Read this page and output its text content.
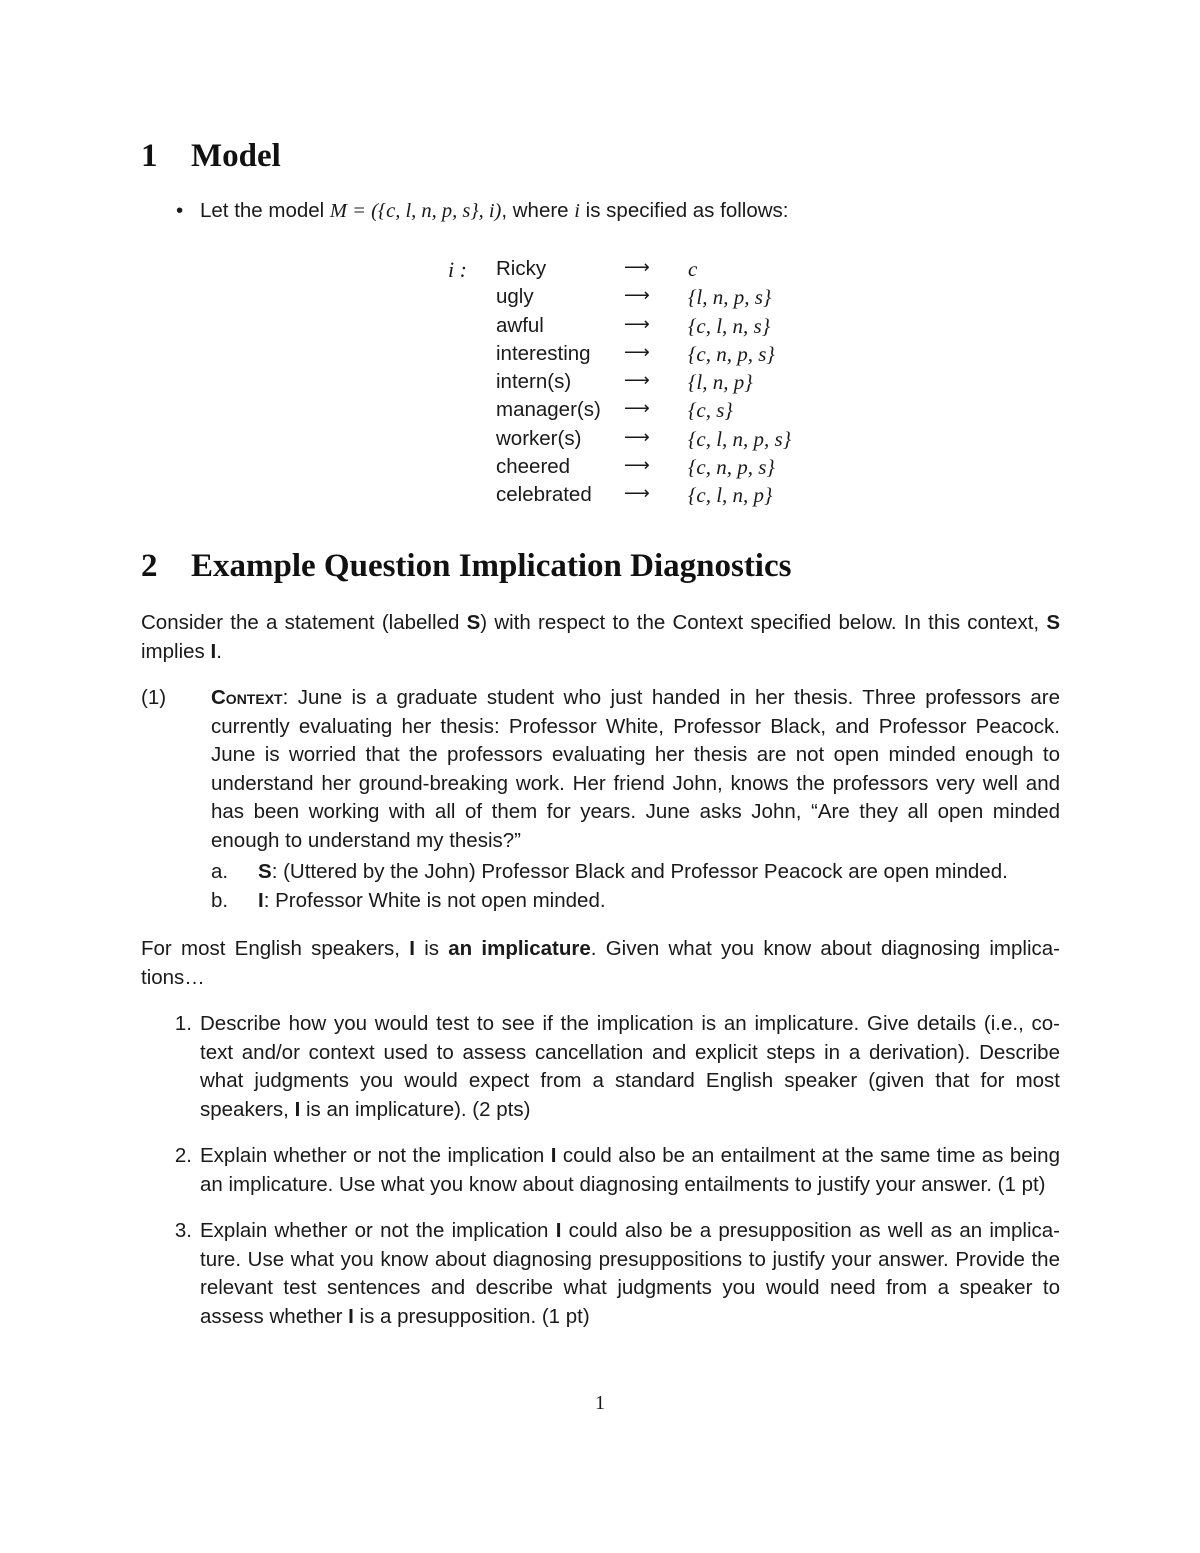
1 Model
• Let the model M = ({c, l, n, p, s}, i), where i is specified as follows:
i : Ricky	⟶	c
ugly	⟶	{l, n, p, s}
awful	⟶	{c, l, n, s}
interesting	⟶	{c, n, p, s}
intern(s)	⟶	{l, n, p}
manager(s)	⟶	{c, s}
worker(s)	⟶	{c, l, n, p, s}
cheered	⟶	{c, n, p, s}
celebrated	⟶	{c, l, n, p}
2 Example Question Implication Diagnostics
Consider the a statement (labelled S) with respect to the Context specified below. In this context, S implies I.
(1) Context: June is a graduate student who just handed in her thesis. Three professors are currently evaluating her thesis: Professor White, Professor Black, and Professor Peacock. June is worried that the professors evaluating her thesis are not open minded enough to understand her ground-breaking work. Her friend John, knows the professors very well and has been working with all of them for years. June asks John, “Are they all open minded enough to understand my thesis?”
a. S: (Uttered by the John) Professor Black and Professor Peacock are open minded.
b. I: Professor White is not open minded.
For most English speakers, I is an implicature. Given what you know about diagnosing implica-tions…
1. Describe how you would test to see if the implication is an implicature. Give details (i.e., co-text and/or context used to assess cancellation and explicit steps in a derivation). Describe what judgments you would expect from a standard English speaker (given that for most speakers, I is an implicature). (2 pts)
2. Explain whether or not the implication I could also be an entailment at the same time as being an implicature. Use what you know about diagnosing entailments to justify your answer. (1 pt)
3. Explain whether or not the implication I could also be a presupposition as well as an implica-ture. Use what you know about diagnosing presuppositions to justify your answer. Provide the relevant test sentences and describe what judgments you would need from a speaker to assess whether I is a presupposition. (1 pt)
1
